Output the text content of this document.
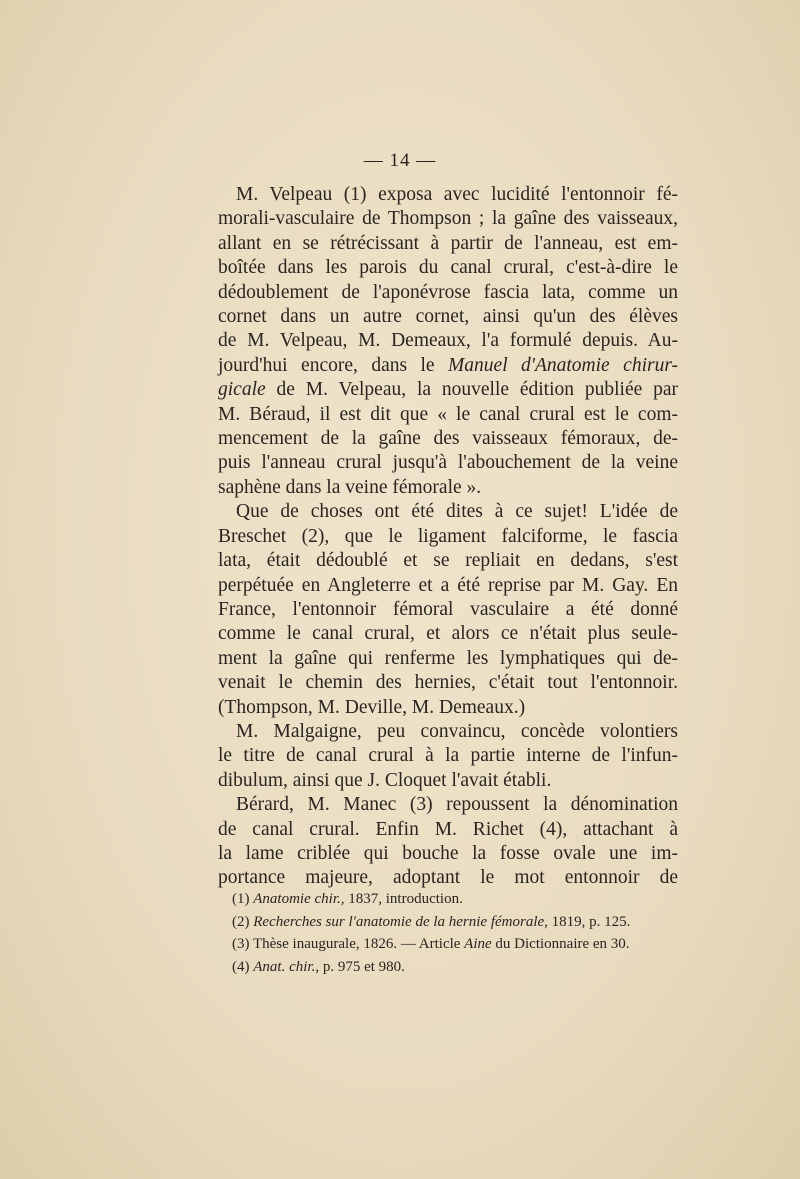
— 14 —
M. Velpeau (1) exposa avec lucidité l'entonnoir fé-
morali-vasculaire de Thompson ; la gaîne des vaisseaux,
allant en se rétrécissant à partir de l'anneau, est em-
boîtée dans les parois du canal crural, c'est-à-dire le
dédoublement de l'aponévrose fascia lata, comme un
cornet dans un autre cornet, ainsi qu'un des élèves
de M. Velpeau, M. Demeaux, l'a formulé depuis. Au-
jourd'hui encore, dans le Manuel d'Anatomie chirur-
gicale de M. Velpeau, la nouvelle édition publiée par
M. Béraud, il est dit que « le canal crural est le com-
mencement de la gaîne des vaisseaux fémoraux, de-
puis l'anneau crural jusqu'à l'abouchement de la veine
saphène dans la veine fémorale ».
Que de choses ont été dites à ce sujet! L'idée de
Breschet (2), que le ligament falciforme, le fascia
lata, était dédoublé et se repliait en dedans, s'est
perpétuée en Angleterre et a été reprise par M. Gay. En
France, l'entonnoir fémoral vasculaire a été donné
comme le canal crural, et alors ce n'était plus seule-
ment la gaîne qui renferme les lymphatiques qui de-
venait le chemin des hernies, c'était tout l'entonnoir.
(Thompson, M. Deville, M. Demeaux.)
M. Malgaigne, peu convaincu, concède volontiers
le titre de canal crural à la partie interne de l'infun-
dibulum, ainsi que J. Cloquet l'avait établi.
Bérard, M. Manec (3) repoussent la dénomination
de canal crural. Enfin M. Richet (4), attachant à
la lame criblée qui bouche la fosse ovale une im-
portance majeure, adoptant le mot entonnoir de
(1) Anatomie chir., 1837, introduction.
(2) Recherches sur l'anatomie de la hernie fémorale, 1819, p. 125.
(3) Thèse inaugurale, 1826. — Article Aine du Dictionnaire en 30.
(4) Anat. chir., p. 975 et 980.
